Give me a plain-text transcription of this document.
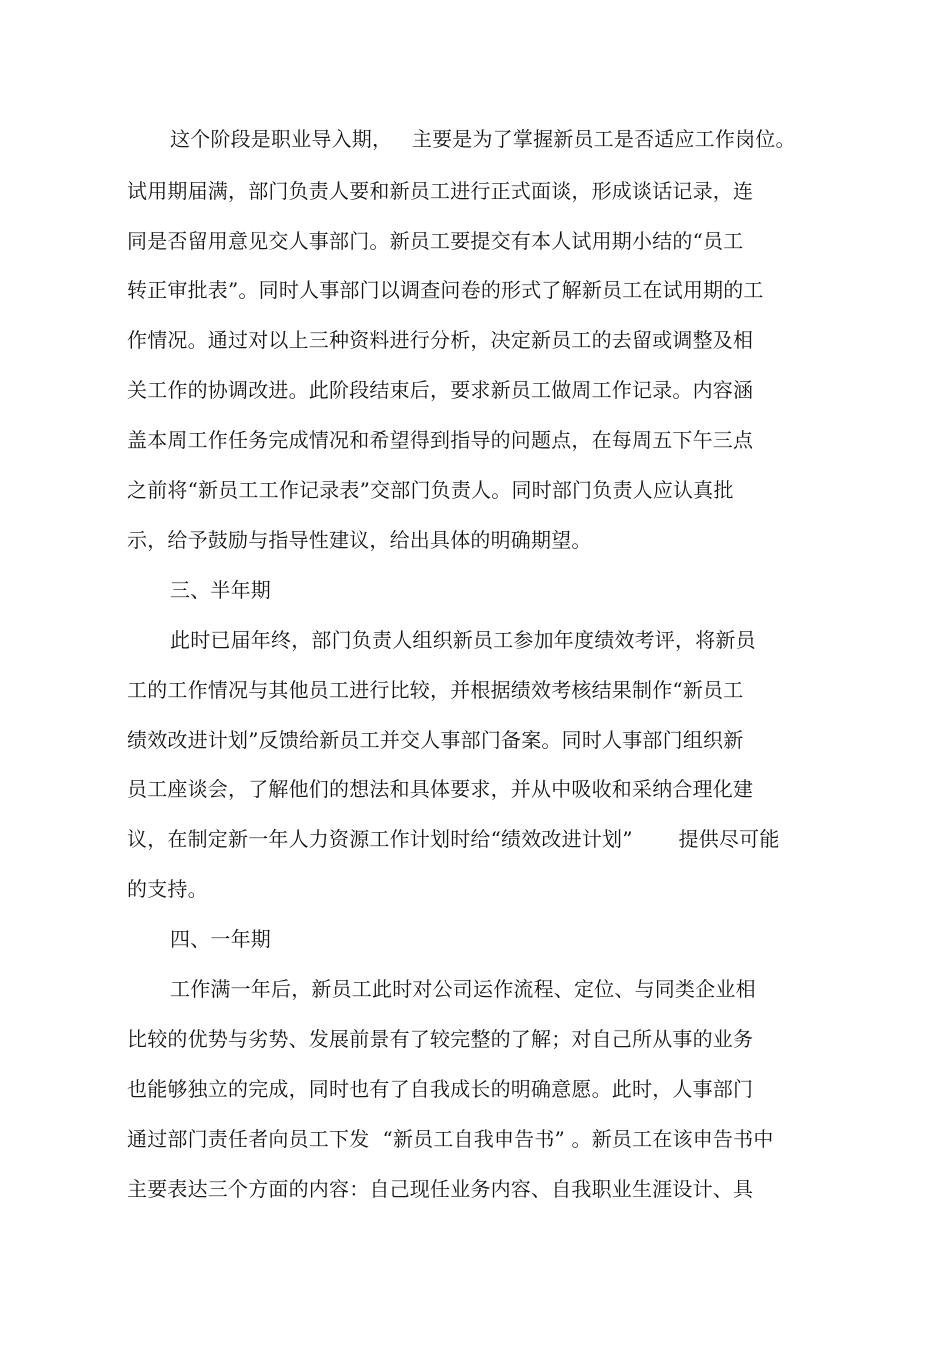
这个阶段是职业导入期，   主要是为了掌握新员工是否适应工作岗位。
试用期届满，部门负责人要和新员工进行正式面谈，形成谈话记录，连
同是否留用意见交人事部门。新员工要提交有本人试用期小结的“员工
转正审批表”。同时人事部门以调查问卷的形式了解新员工在试用期的工
作情况。通过对以上三种资料进行分析，决定新员工的去留或调整及相
关工作的协调改进。此阶段结束后，要求新员工做周工作记录。内容涵
盖本周工作任务完成情况和希望得到指导的问题点，在每周五下午三点
之前将“新员工工作记录表”交部门负责人。同时部门负责人应认真批
示，给予鼓励与指导性建议，给出具体的明确期望。
三、半年期
此时已届年终，部门负责人组织新员工参加年度绩效考评，将新员
工的工作情况与其他员工进行比较，并根据绩效考核结果制作“新员工
绩效改进计划”反馈给新员工并交人事部门备案。同时人事部门组织新
员工座谈会，了解他们的想法和具体要求，并从中吸收和采纳合理化建
议，在制定新一年人力资源工作计划时给“绩效改进计划”       提供尽可能
的支持。
四、一年期
工作满一年后，新员工此时对公司运作流程、定位、与同类企业相
比较的优势与劣势、发展前景有了较完整的了解；对自己所从事的业务
也能够独立的完成，同时也有了自我成长的明确意愿。此时，人事部门
通过部门责任者向员工下发  “新员工自我申告书” 。新员工在该申告书中
主要表达三个方面的内容：自己现任业务内容、自我职业生涯设计、具
